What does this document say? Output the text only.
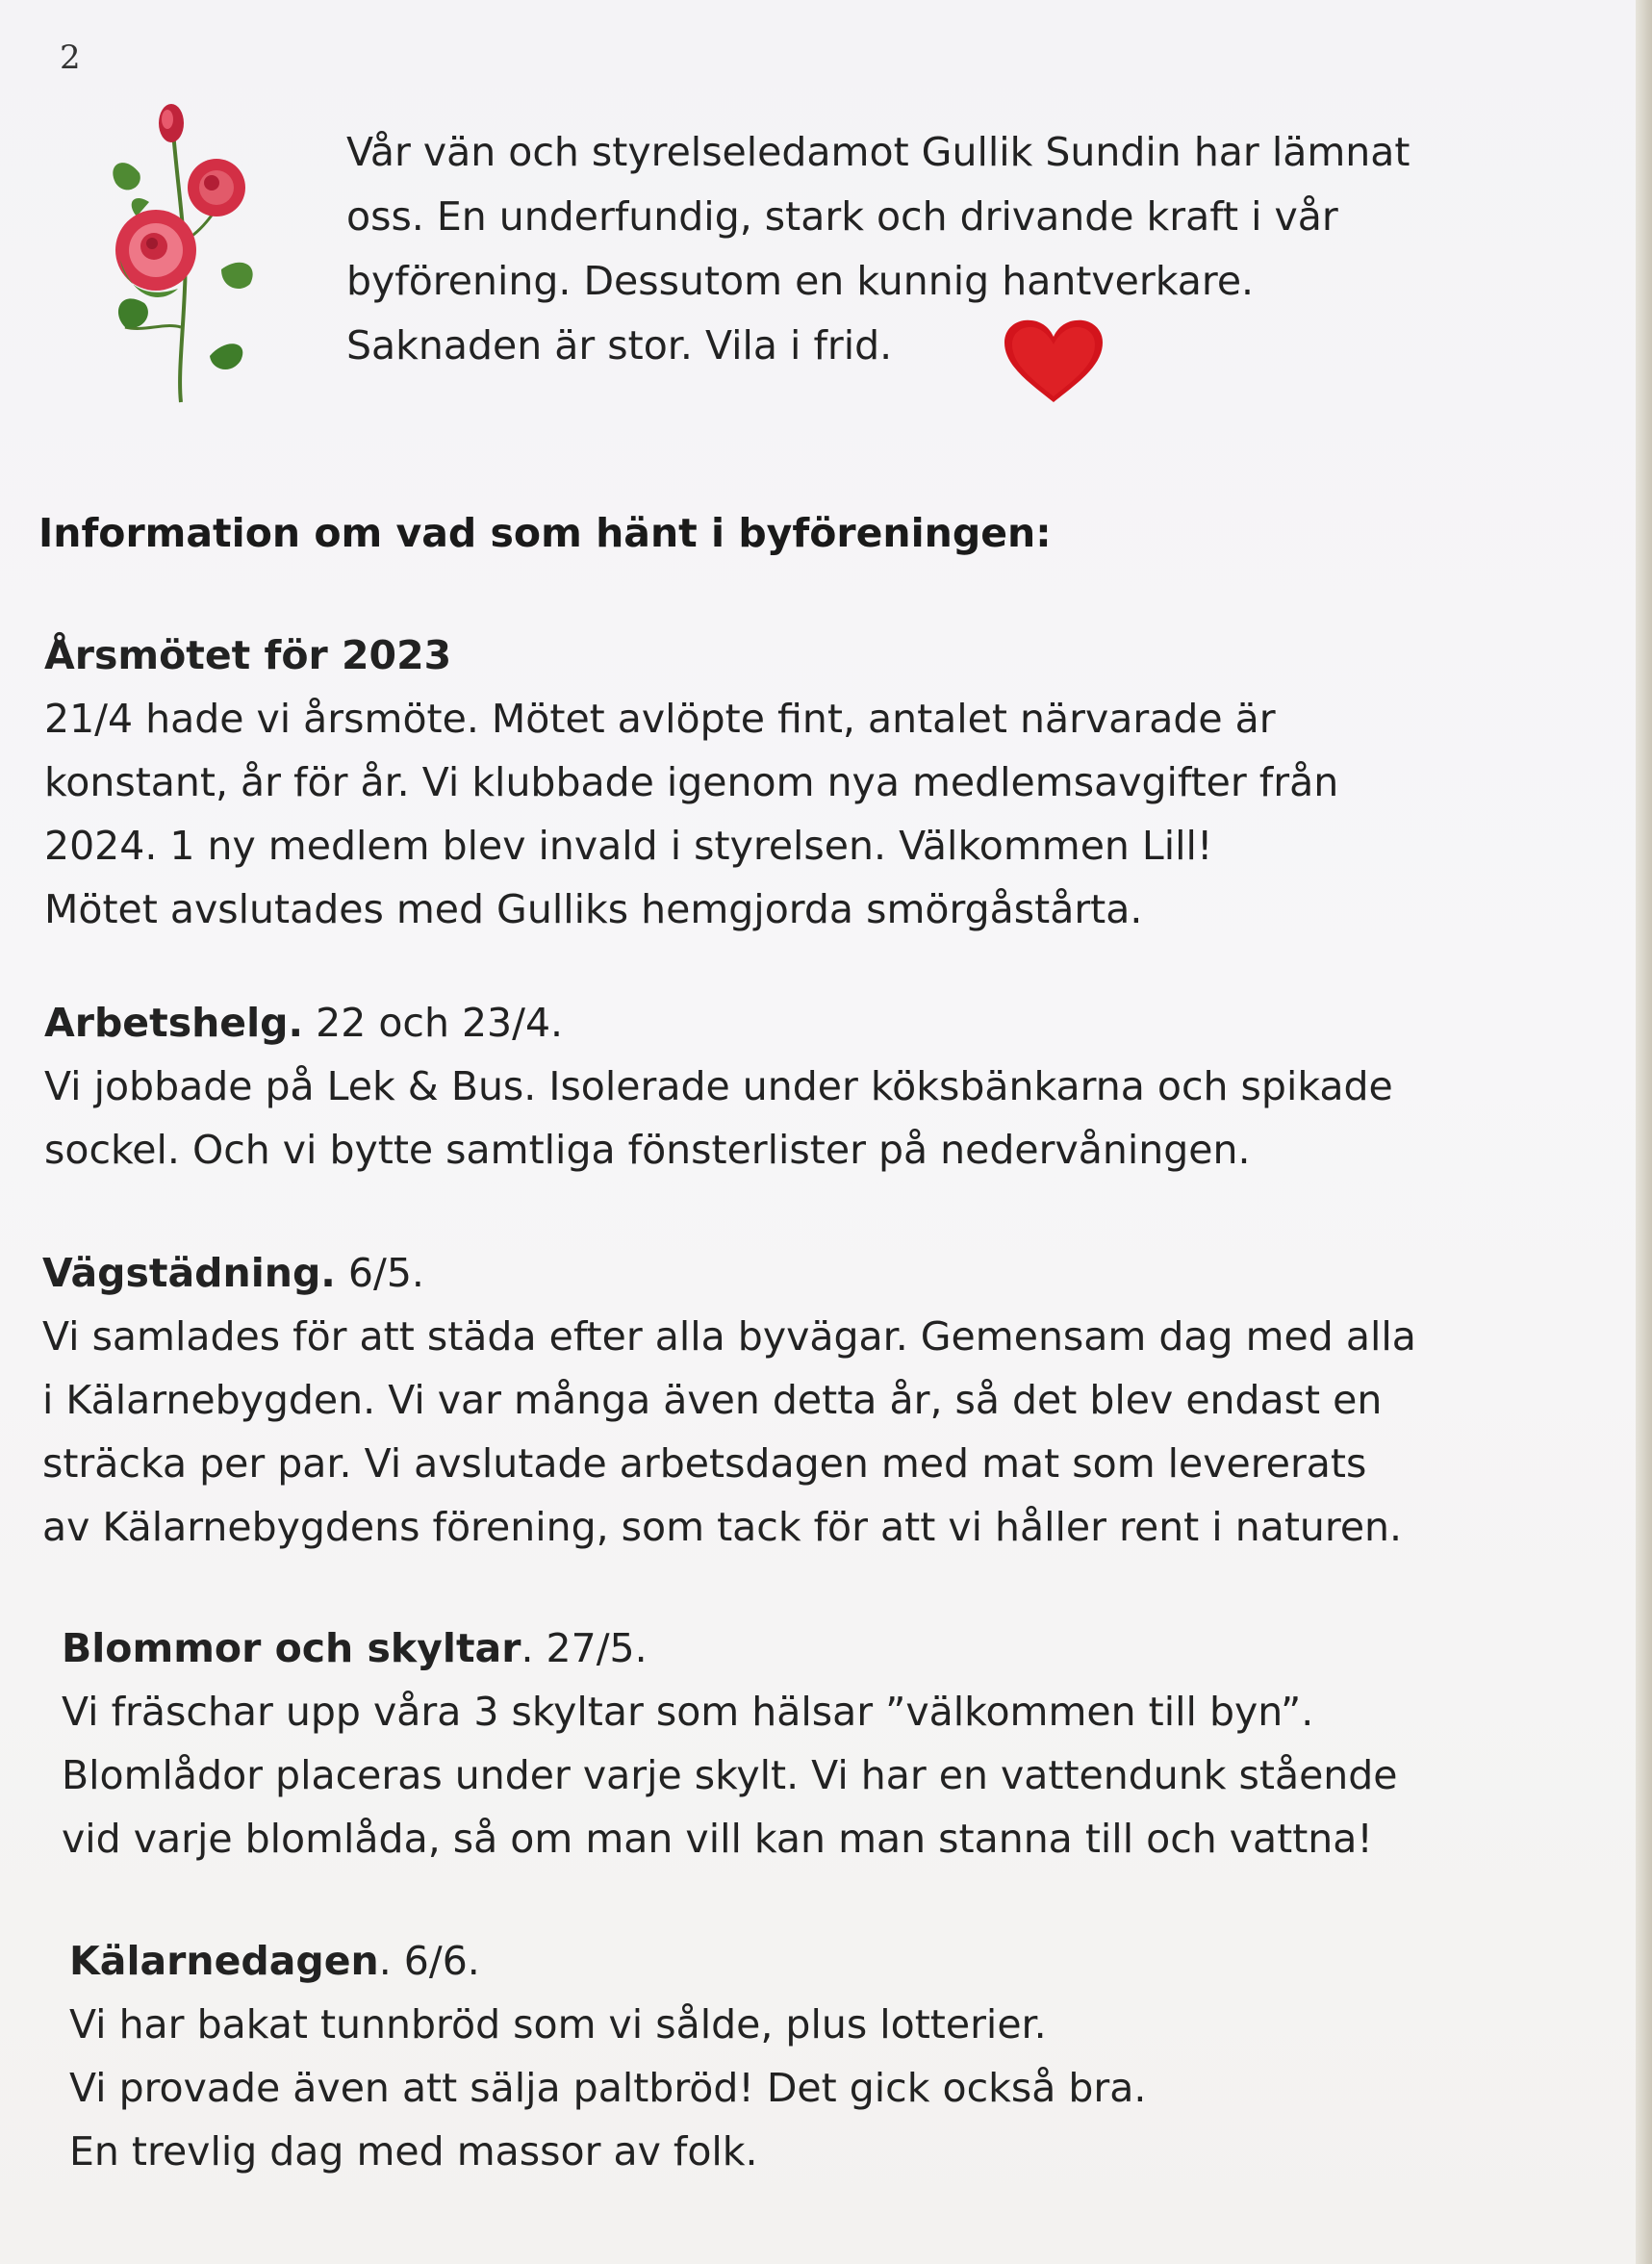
2
Vår vän och styrelseledamot Gullik Sundin har lämnat
oss. En underfundig, stark och drivande kraft i vår
byförening. Dessutom en kunnig hantverkare.
Saknaden är stor. Vila i frid.
Information om vad som hänt i byföreningen:
Årsmötet för 2023

21/4 hade vi årsmöte. Mötet avlöpte fint, antalet närvarade är

konstant, år för år. Vi klubbade igenom nya medlemsavgifter från

2024. 1 ny medlem blev invald i styrelsen. Välkommen Lill!

Mötet avslutades med Gulliks hemgjorda smörgåstårta.

Arbetshelg. 22 och 23/4.

Vi jobbade på Lek & Bus. Isolerade under köksbänkarna och spikade

sockel. Och vi bytte samtliga fönsterlister på nedervåningen.

Vägstädning. 6/5.

Vi samlades för att städa efter alla byvägar. Gemensam dag med alla

i Kälarnebygden. Vi var många även detta år, så det blev endast en

sträcka per par. Vi avslutade arbetsdagen med mat som levererats

av Kälarnebygdens förening, som tack för att vi håller rent i naturen.

Blommor och skyltar. 27/5.

Vi fräschar upp våra 3 skyltar som hälsar ”välkommen till byn”.

Blomlådor placeras under varje skylt. Vi har en vattendunk stående

vid varje blomlåda, så om man vill kan man stanna till och vattna!

Kälarnedagen. 6/6.

Vi har bakat tunnbröd som vi sålde, plus lotterier.

Vi provade även att sälja paltbröd! Det gick också bra.

En trevlig dag med massor av folk.
